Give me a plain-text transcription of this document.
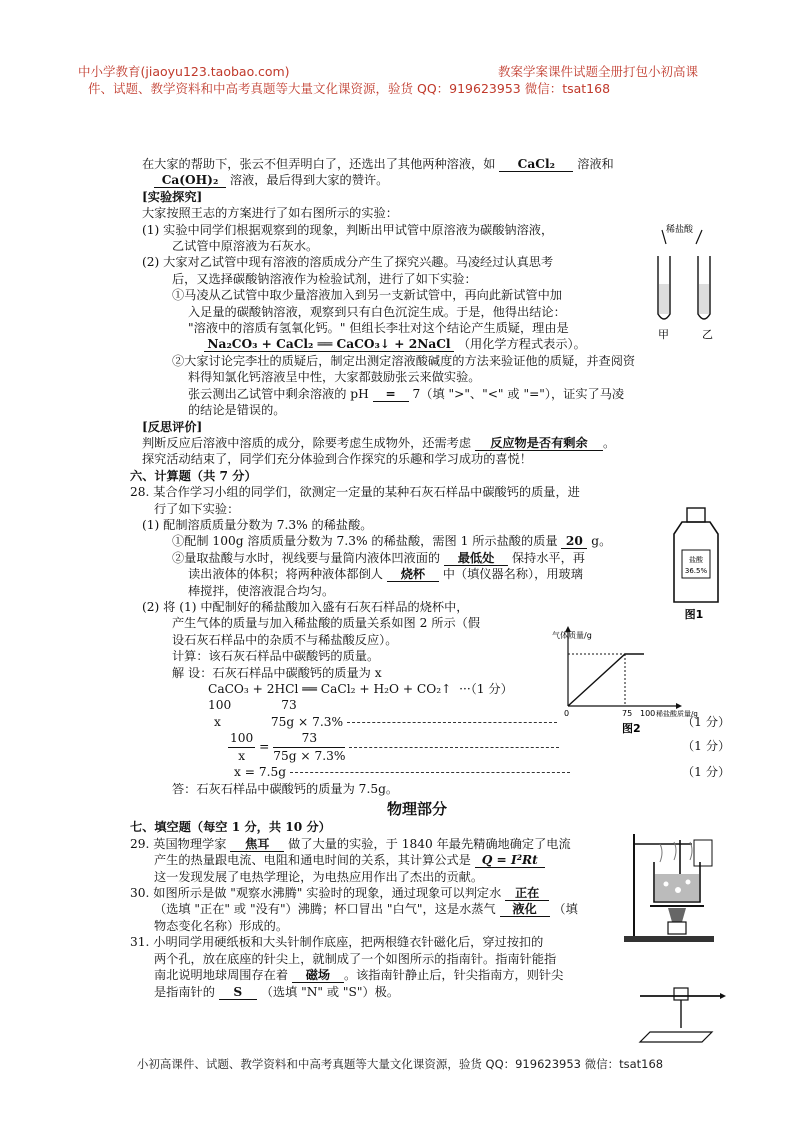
中小学教育(jiaoyu123.taobao.com)	教案学案课件试题全册打包小初高课
件、试题、教学资料和中高考真题等大量文化课资源，验货 QQ：919623953 微信：tsat168

在大家的帮助下，张云不但弄明白了，还选出了其他两种溶液，如 CaCl₂ 溶液和

Ca(OH)₂ 溶液，最后得到大家的赞许。

[实验探究]

大家按照王志的方案进行了如右图所示的实验：

(1) 实验中同学们根据观察到的现象，判断出甲试管中原溶液为碳酸钠溶液，

乙试管中原溶液为石灰水。

(2) 大家对乙试管中现有溶液的溶质成分产生了探究兴趣。马凌经过认真思考

后，又选择碳酸钠溶液作为检验试剂，进行了如下实验：

①马凌从乙试管中取少量溶液加入到另一支新试管中，再向此新试管中加

入足量的碳酸钠溶液，观察到只有白色沉淀生成。于是，他得出结论：

"溶液中的溶质有氢氧化钙。" 但组长李壮对这个结论产生质疑，理由是

Na₂CO₃ + CaCl₂ ══ CaCO₃↓ + 2NaCl （用化学方程式表示）。

②大家讨论完李壮的质疑后，制定出测定溶液酸碱度的方法来验证他的质疑，并查阅资

料得知氯化钙溶液呈中性，大家都鼓励张云来做实验。

张云测出乙试管中剩余溶液的 pH = 7（填 ">"、"<" 或 "="），证实了马凌

的结论是错误的。

[反思评价]

判断反应后溶液中溶质的成分，除要考虑生成物外，还需考虑 反应物是否有剩余 。

探究活动结束了，同学们充分体验到合作探究的乐趣和学习成功的喜悦！

六、计算题（共 7 分）

28. 某合作学习小组的同学们，欲测定一定量的某种石灰石样品中碳酸钙的质量，进

行了如下实验：

(1) 配制溶质质量分数为 7.3% 的稀盐酸。

①配制 100g 溶质质量分数为 7.3% 的稀盐酸，需图 1 所示盐酸的质量 20 g。

②量取盐酸与水时，视线要与量筒内液体凹液面的 最低处 保持水平，再

读出液体的体积；将两种液体都倒人 烧杯 中（填仪器名称），用玻璃

棒搅拌，使溶液混合均匀。

(2) 将 (1) 中配制好的稀盐酸加入盛有石灰石样品的烧杯中，

产生气体的质量与加入稀盐酸的质量关系如图 2 所示（假

设石灰石样品中的杂质不与稀盐酸反应）。

计算：该石灰石样品中碳酸钙的质量。

解 设：石灰石样品中碳酸钙的质量为 x

CaCO₃ + 2HCl ══ CaCl₂ + H₂O + CO₂↑ ···（1 分）

100	73

x	75g × 7.3%	（1 分）

$\frac{100}{x} = \frac{73}{75g \times 7.3\%}$
	（1 分）

x = 7.5g	（1 分）

答：石灰石样品中碳酸钙的质量为 7.5g。

物理部分

七、填空题（每空 1 分，共 10 分）

29. 英国物理学家 焦耳 做了大量的实验，于 1840 年最先精确地确定了电流

产生的热量跟电流、电阻和通电时间的关系，其计算公式是 Q = I²Rt

这一发现发展了电热学理论，为电热应用作出了杰出的贡献。

30. 如图所示是做 "观察水沸腾" 实验时的现象，通过现象可以判定水 正在

（选填 "正在" 或 "没有"）沸腾；杯口冒出 "白气"，这是水蒸气 液化 （填

物态变化名称）形成的。

31. 小明同学用硬纸板和大头针制作底座，把两根缝衣针磁化后，穿过按扣的

两个孔，放在底座的针尖上，就制成了一个如图所示的指南针。指南针能指

南北说明地球周围存在着 磁场 。该指南针静止后，针尖指南方，则针尖

是指南针的 S （选填 "N" 或 "S"）极。

稀盐酸
甲	乙
盐酸
36.5%
图1
气体质量/g
0	75 100 稀盐酸质量/g
图2
小初高课件、试题、教学资料和中高考真题等大量文化课资源，验货 QQ：919623953 微信：tsat168
